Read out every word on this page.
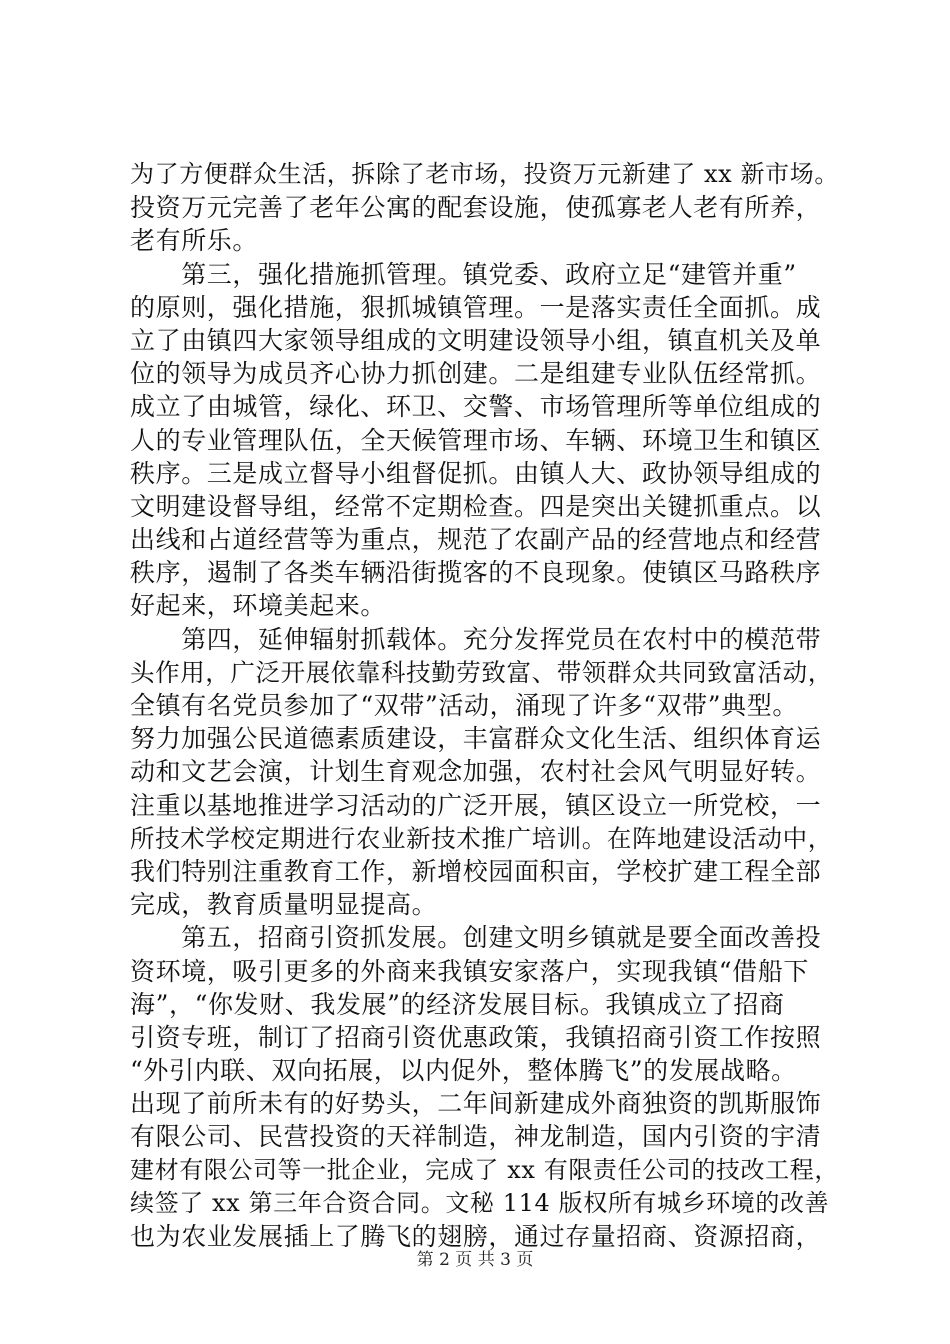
为了方便群众生活，拆除了老市场，投资万元新建了 xx 新市场。
投资万元完善了老年公寓的配套设施，使孤寡老人老有所养，
老有所乐。
　　第三，强化措施抓管理。镇党委、政府立足“建管并重”
的原则，强化措施，狠抓城镇管理。一是落实责任全面抓。成
立了由镇四大家领导组成的文明建设领导小组，镇直机关及单
位的领导为成员齐心协力抓创建。二是组建专业队伍经常抓。
成立了由城管，绿化、环卫、交警、市场管理所等单位组成的
人的专业管理队伍，全天候管理市场、车辆、环境卫生和镇区
秩序。三是成立督导小组督促抓。由镇人大、政协领导组成的
文明建设督导组，经常不定期检查。四是突出关键抓重点。以
出线和占道经营等为重点，规范了农副产品的经营地点和经营
秩序，遏制了各类车辆沿街揽客的不良现象。使镇区马路秩序
好起来，环境美起来。
　　第四，延伸辐射抓载体。充分发挥党员在农村中的模范带
头作用，广泛开展依靠科技勤劳致富、带领群众共同致富活动，
全镇有名党员参加了“双带”活动，涌现了许多“双带”典型。
努力加强公民道德素质建设，丰富群众文化生活、组织体育运
动和文艺会演，计划生育观念加强，农村社会风气明显好转。
注重以基地推进学习活动的广泛开展，镇区设立一所党校，一
所技术学校定期进行农业新技术推广培训。在阵地建设活动中，
我们特别注重教育工作，新增校园面积亩，学校扩建工程全部
完成，教育质量明显提高。
　　第五，招商引资抓发展。创建文明乡镇就是要全面改善投
资环境，吸引更多的外商来我镇安家落户，实现我镇“借船下
海”，“你发财、我发展”的经济发展目标。我镇成立了招商
引资专班，制订了招商引资优惠政策，我镇招商引资工作按照
“外引内联、双向拓展，以内促外，整体腾飞”的发展战略。
出现了前所未有的好势头，二年间新建成外商独资的凯斯服饰
有限公司、民营投资的天祥制造，神龙制造，国内引资的宇清
建材有限公司等一批企业，完成了 xx 有限责任公司的技改工程，
续签了 xx 第三年合资合同。文秘 114 版权所有城乡环境的改善
也为农业发展插上了腾飞的翅膀，通过存量招商、资源招商，
第 2 页 共 3 页
